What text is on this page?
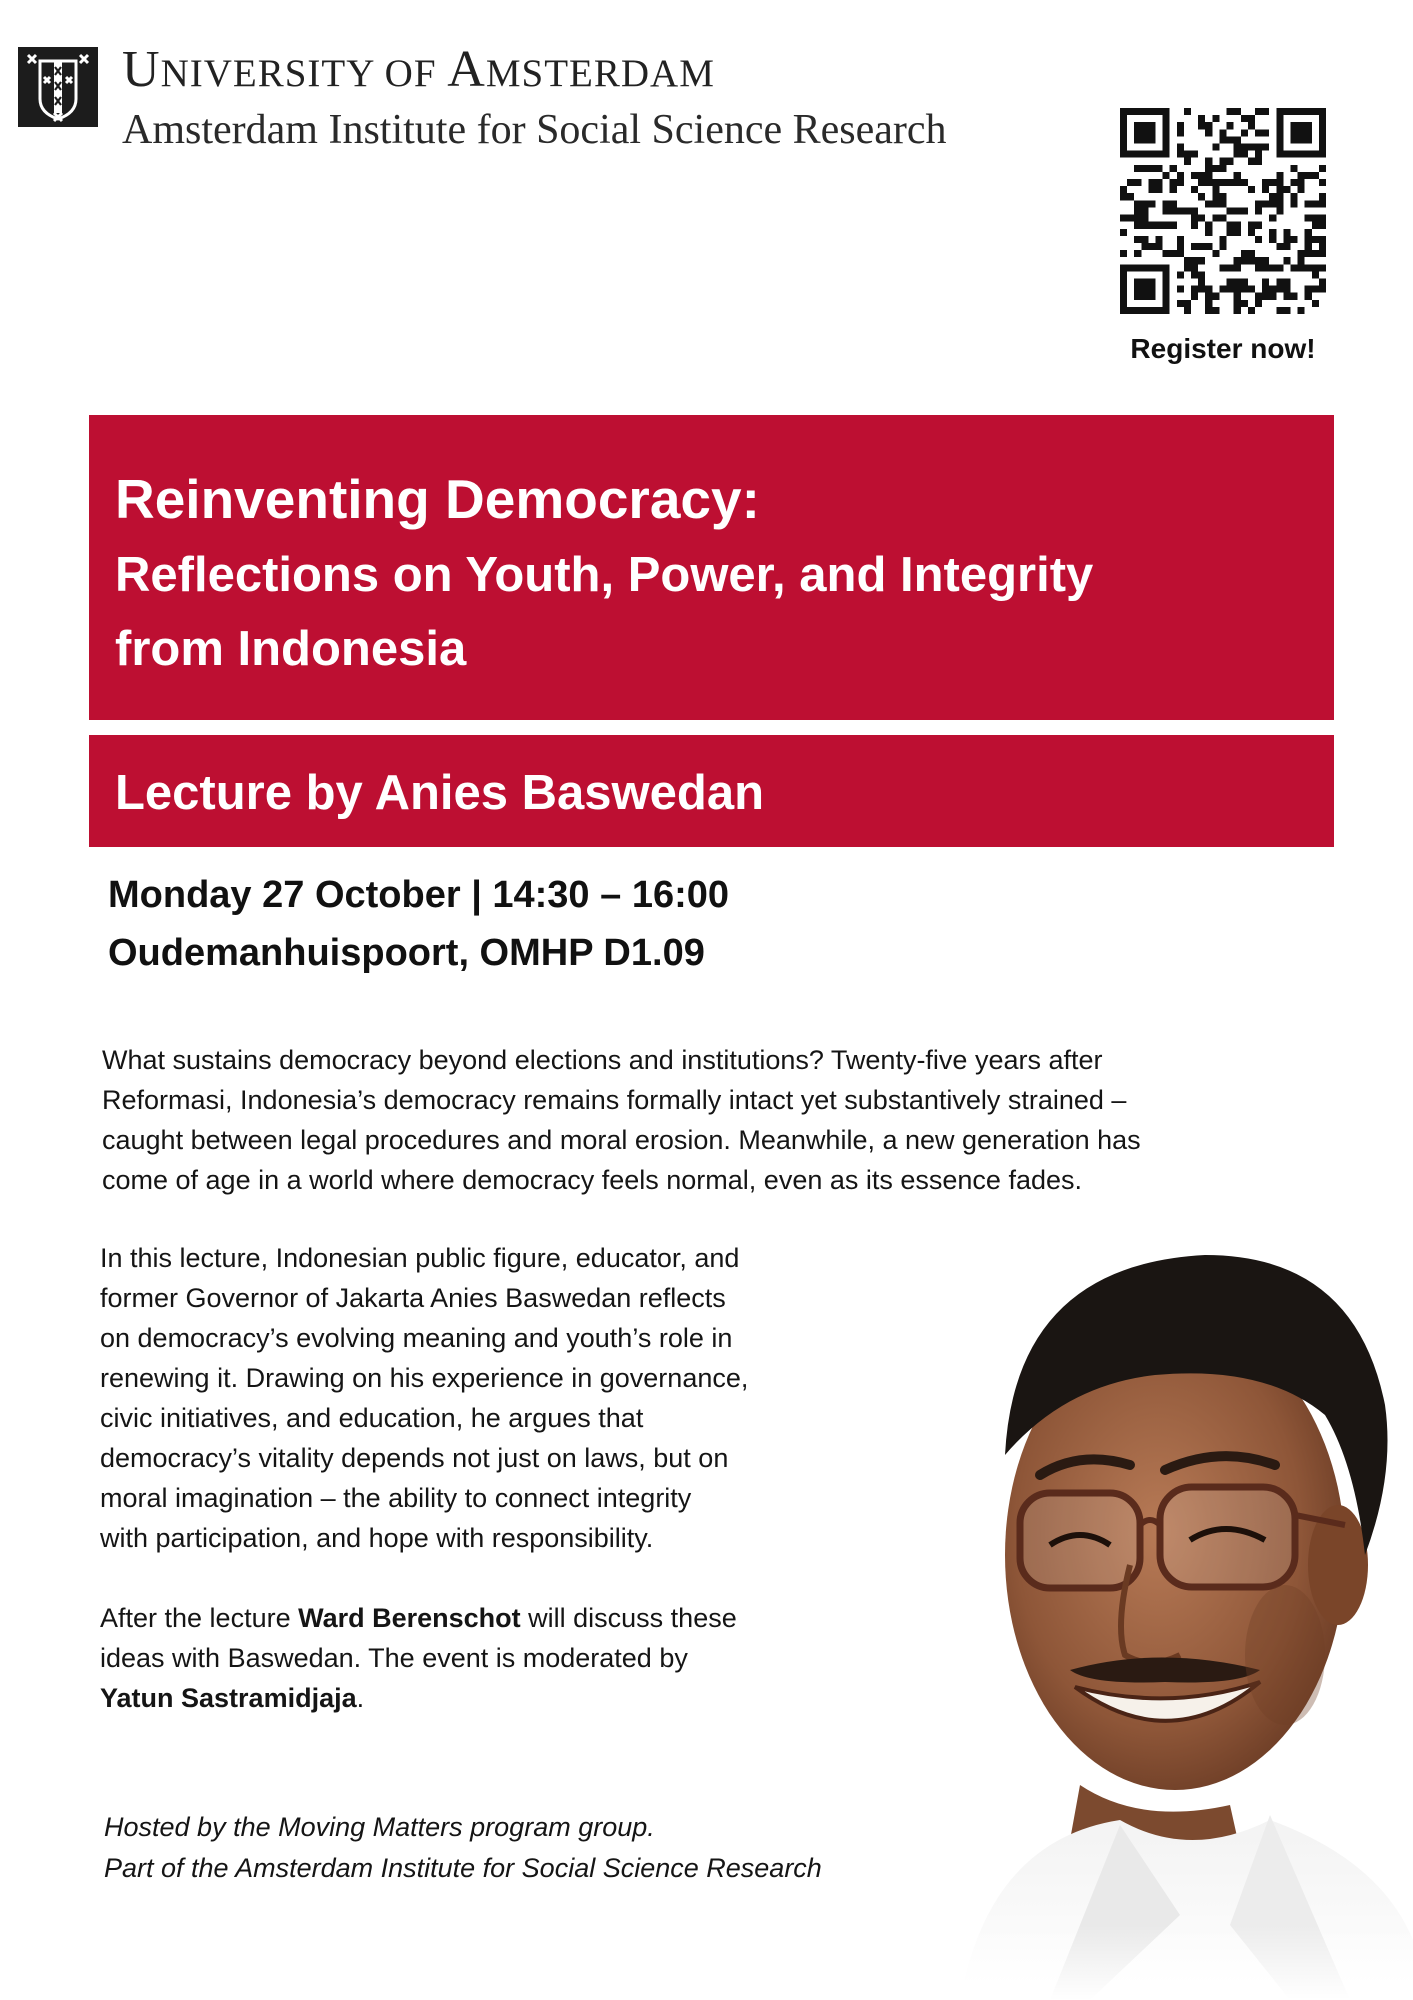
UNIVERSITY OF AMSTERDAM
Amsterdam Institute for Social Science Research
Register now!
Reinventing Democracy:
Reflections on Youth, Power, and Integrity
from Indonesia
Lecture by Anies Baswedan
Monday 27 October | 14:30 – 16:00
Oudemanhuispoort, OMHP D1.09
What sustains democracy beyond elections and institutions? Twenty-five years after
Reformasi, Indonesia’s democracy remains formally intact yet substantively strained –
caught between legal procedures and moral erosion. Meanwhile, a new generation has
come of age in a world where democracy feels normal, even as its essence fades.
In this lecture, Indonesian public figure, educator, and
former Governor of Jakarta Anies Baswedan reflects
on democracy’s evolving meaning and youth’s role in
renewing it. Drawing on his experience in governance,
civic initiatives, and education, he argues that
democracy’s vitality depends not just on laws, but on
moral imagination – the ability to connect integrity
with participation, and hope with responsibility.
After the lecture Ward Berenschot will discuss these
ideas with Baswedan. The event is moderated by
Yatun Sastramidjaja.
Hosted by the Moving Matters program group.
Part of the Amsterdam Institute for Social Science Research
